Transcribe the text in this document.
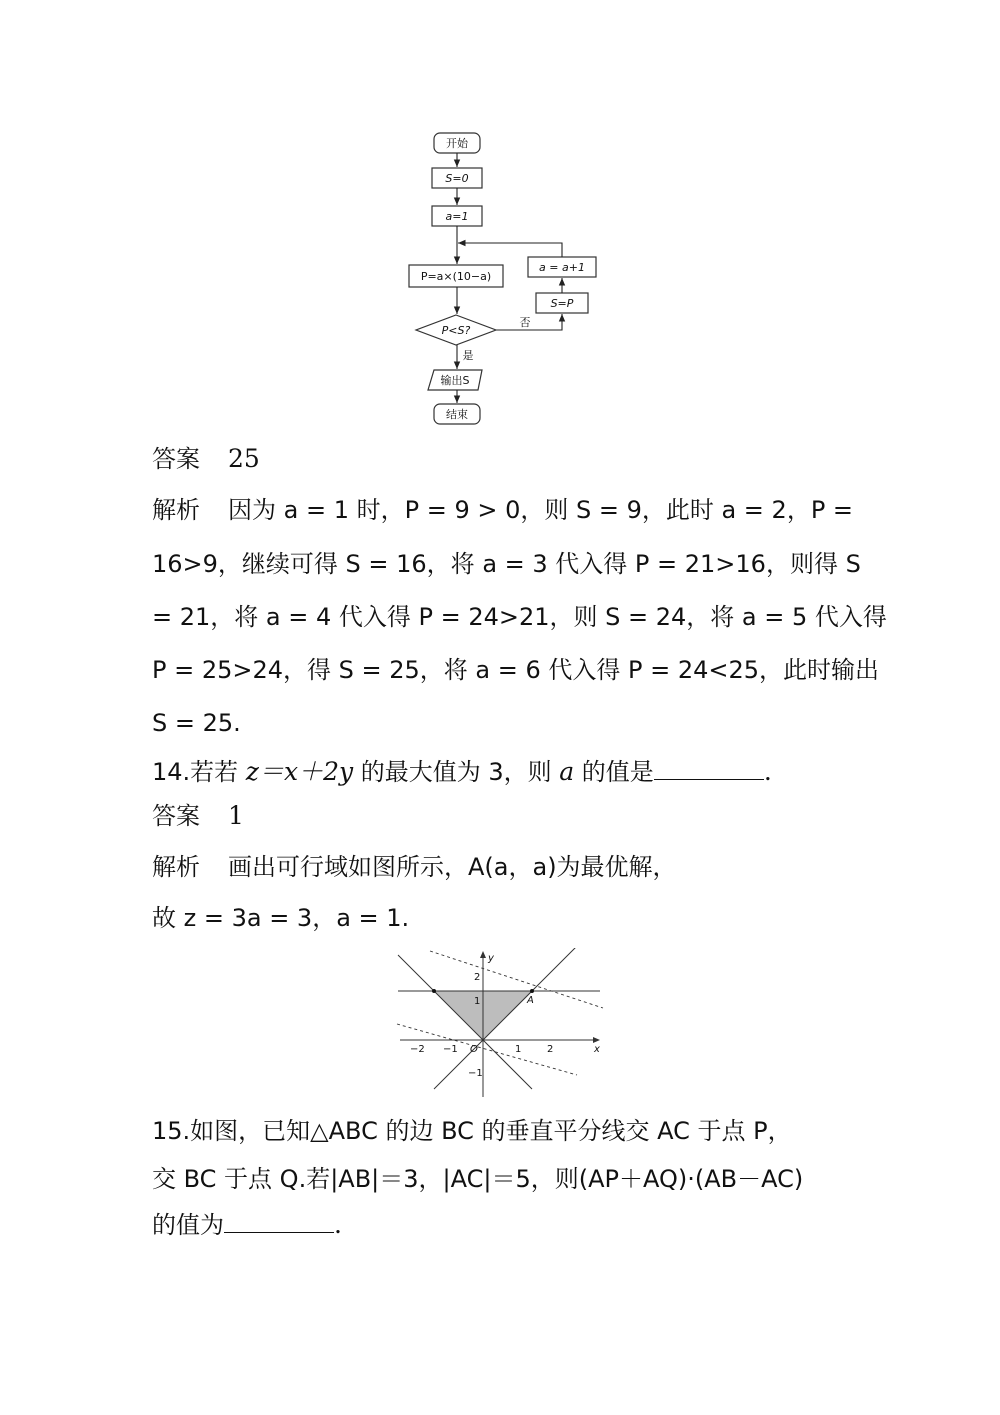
开始
S=0
a=1
P=a×(10−a)
P<S?
是
否
a = a+1
S=P
输出S
结束
答案 25
解析 因为 a = 1 时，P = 9 > 0，则 S = 9，此时 a = 2，P =
16>9，继续可得 S = 16，将 a = 3 代入得 P = 21>16，则得 S
= 21，将 a = 4 代入得 P = 24>21，则 S = 24，将 a = 5 代入得
P = 25>24，得 S = 25，将 a = 6 代入得 P = 24<25，此时输出
S = 25.
14.若若 z＝x＋2y 的最大值为 3，则 a 的值是	.
答案 1
解析 画出可行域如图所示，A(a，a)为最优解，
故 z = 3a = 3，a = 1.
y
x
O
A
−2 −1	1	2
2
1
−1
15.如图，已知△ABC 的边 BC 的垂直平分线交 AC 于点 P，
交 BC 于点 Q.若|AB|＝3，|AC|＝5，则(AP＋AQ)·(AB－AC)
的值为	.
